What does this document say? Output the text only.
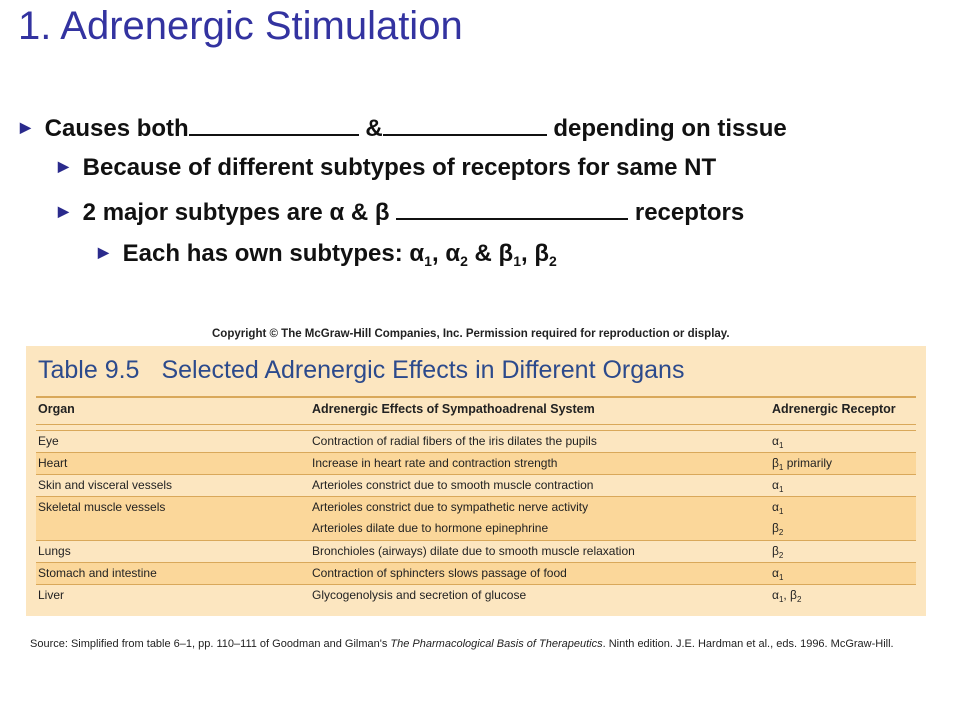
1. Adrenergic Stimulation
▶ Causes both	&	depending on tissue
▶ Because of different subtypes of receptors for same NT
▶ 2 major subtypes are α & β	receptors
▶ Each has own subtypes: $\alpha_1$, $\alpha_2$ & $\beta_1$, $\beta_2$
Copyright © The McGraw-Hill Companies, Inc. Permission required for reproduction or display.
Table 9.5 Selected Adrenergic Effects in Different Organs
Organ	Adrenergic Effects of Sympathoadrenal System	Adrenergic Receptor
Eye	Contraction of radial fibers of the iris dilates the pupils	$\alpha_1$
Heart	Increase in heart rate and contraction strength	$\beta_1$ primarily
Skin and visceral vessels	Arterioles constrict due to smooth muscle contraction	$\alpha_1$
Skeletal muscle vessels	Arterioles constrict due to sympathetic nerve activity	$\alpha_1$
Arterioles dilate due to hormone epinephrine	$\beta_2$
Lungs	Bronchioles (airways) dilate due to smooth muscle relaxation	$\beta_2$
Stomach and intestine	Contraction of sphincters slows passage of food	$\alpha_1$
Liver	Glycogenolysis and secretion of glucose	$\alpha_1$, $\beta_2$
Source: Simplified from table 6–1, pp. 110–111 of Goodman and Gilman's The Pharmacological Basis of Therapeutics. Ninth edition. J.E. Hardman et al., eds. 1996. McGraw-Hill.
